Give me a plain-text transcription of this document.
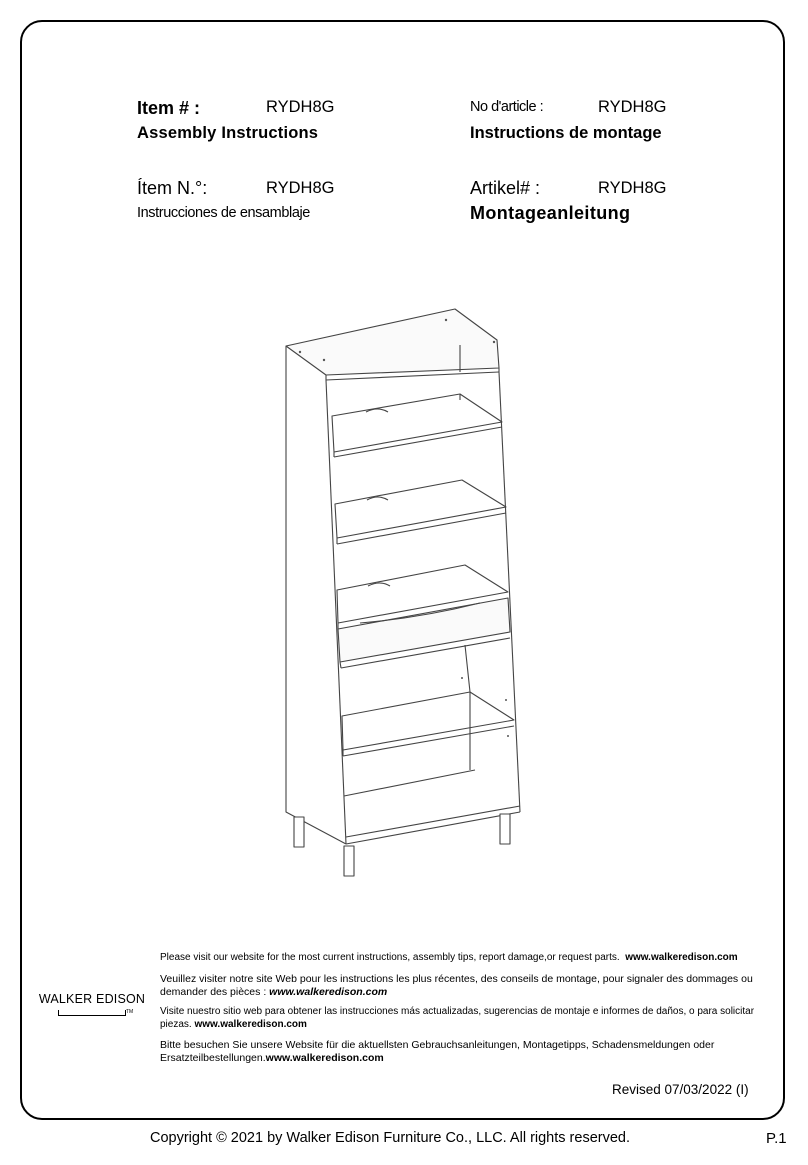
Item # :	RYDH8G
Assembly Instructions
No d'article :	RYDH8G
Instructions de montage
Ítem N.°:	RYDH8G
Instrucciones de ensamblaje
Artikel# :	RYDH8G
Montageanleitung
Please visit our website for the most current instructions, assembly tips, report damage,or request parts. www.walkeredison.com
Veuillez visiter notre site Web pour les instructions les plus récentes, des conseils de montage, pour signaler des dommages ou demander des pièces : www.walkeredison.com
Visite nuestro sitio web para obtener las instrucciones más actualizadas, sugerencias de montaje e informes de daños, o para solicitar piezas. www.walkeredison.com
Bitte besuchen Sie unsere Website für die aktuellsten Gebrauchsanleitungen, Montagetipps, Schadensmeldungen oder Ersatzteilbestellungen.www.walkeredison.com
WALKER EDISON
TM
Revised 07/03/2022 (I)
Copyright © 2021 by Walker Edison Furniture Co., LLC. All rights reserved.	P.1
